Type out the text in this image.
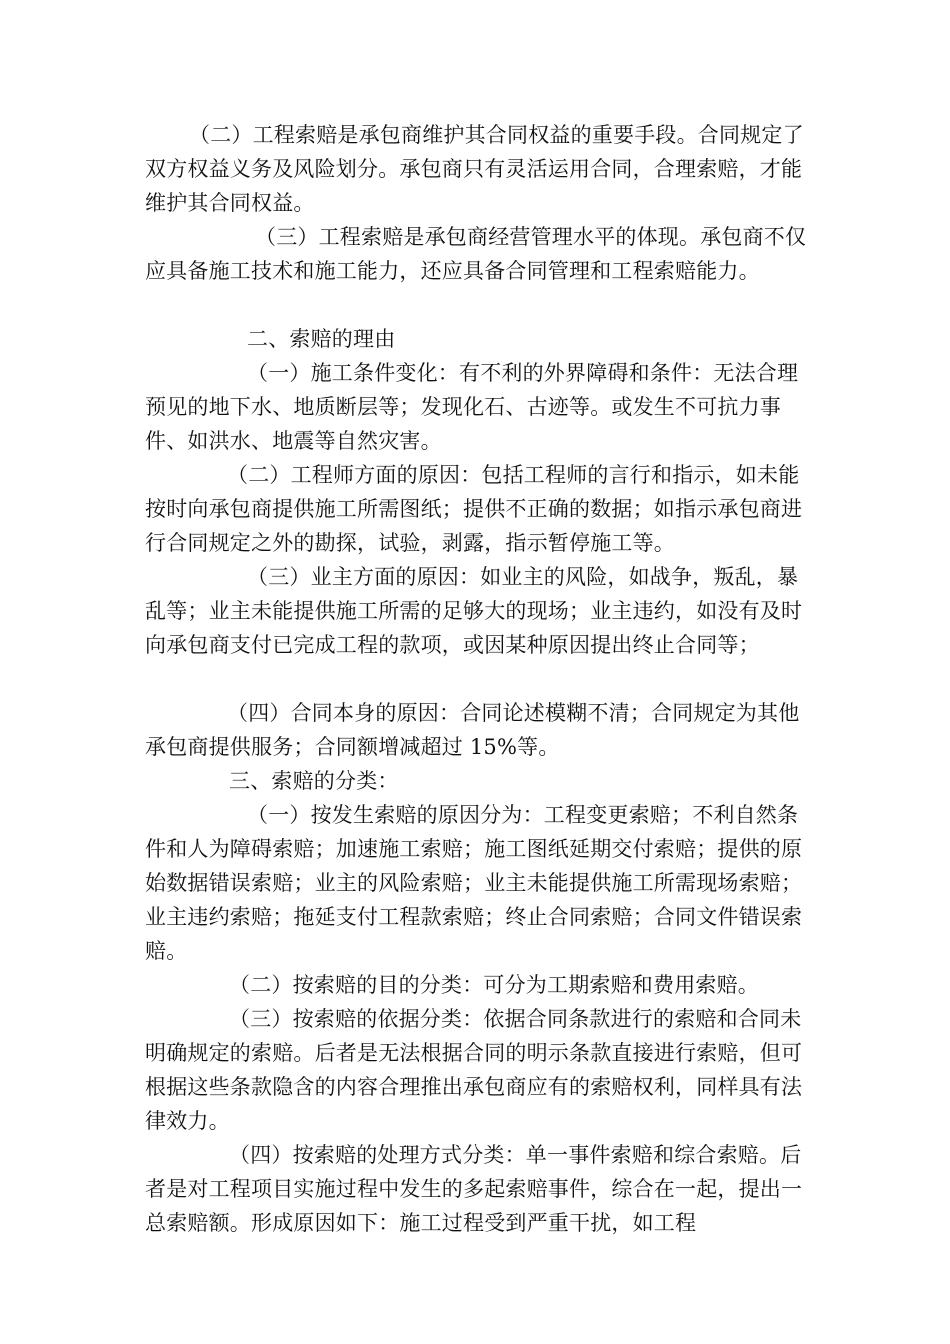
（二）工程索赔是承包商维护其合同权益的重要手段。合同规定了双方权益义务及风险划分。承包商只有灵活运用合同，合理索赔，才能维护其合同权益。

（三）工程索赔是承包商经营管理水平的体现。承包商不仅应具备施工技术和施工能力，还应具备合同管理和工程索赔能力。

二、索赔的理由

（一）施工条件变化：有不利的外界障碍和条件：无法合理预见的地下水、地质断层等；发现化石、古迹等。或发生不可抗力事件、如洪水、地震等自然灾害。

（二）工程师方面的原因：包括工程师的言行和指示，如未能按时向承包商提供施工所需图纸；提供不正确的数据；如指示承包商进行合同规定之外的勘探，试验，剥露，指示暂停施工等。

（三）业主方面的原因：如业主的风险，如战争，叛乱，暴乱等；业主未能提供施工所需的足够大的现场；业主违约，如没有及时向承包商支付已完成工程的款项，或因某种原因提出终止合同等；

（四）合同本身的原因：合同论述模糊不清；合同规定为其他承包商提供服务；合同额增减超过 15%等。

三、索赔的分类：

（一）按发生索赔的原因分为：工程变更索赔；不利自然条件和人为障碍索赔；加速施工索赔；施工图纸延期交付索赔；提供的原始数据错误索赔；业主的风险索赔；业主未能提供施工所需现场索赔；业主违约索赔；拖延支付工程款索赔；终止合同索赔；合同文件错误索赔。

（二）按索赔的目的分类：可分为工期索赔和费用索赔。

（三）按索赔的依据分类：依据合同条款进行的索赔和合同未明确规定的索赔。后者是无法根据合同的明示条款直接进行索赔，但可根据这些条款隐含的内容合理推出承包商应有的索赔权利，同样具有法律效力。

（四）按索赔的处理方式分类：单一事件索赔和综合索赔。后者是对工程项目实施过程中发生的多起索赔事件，综合在一起，提出一总索赔额。形成原因如下：施工过程受到严重干扰，如工程
